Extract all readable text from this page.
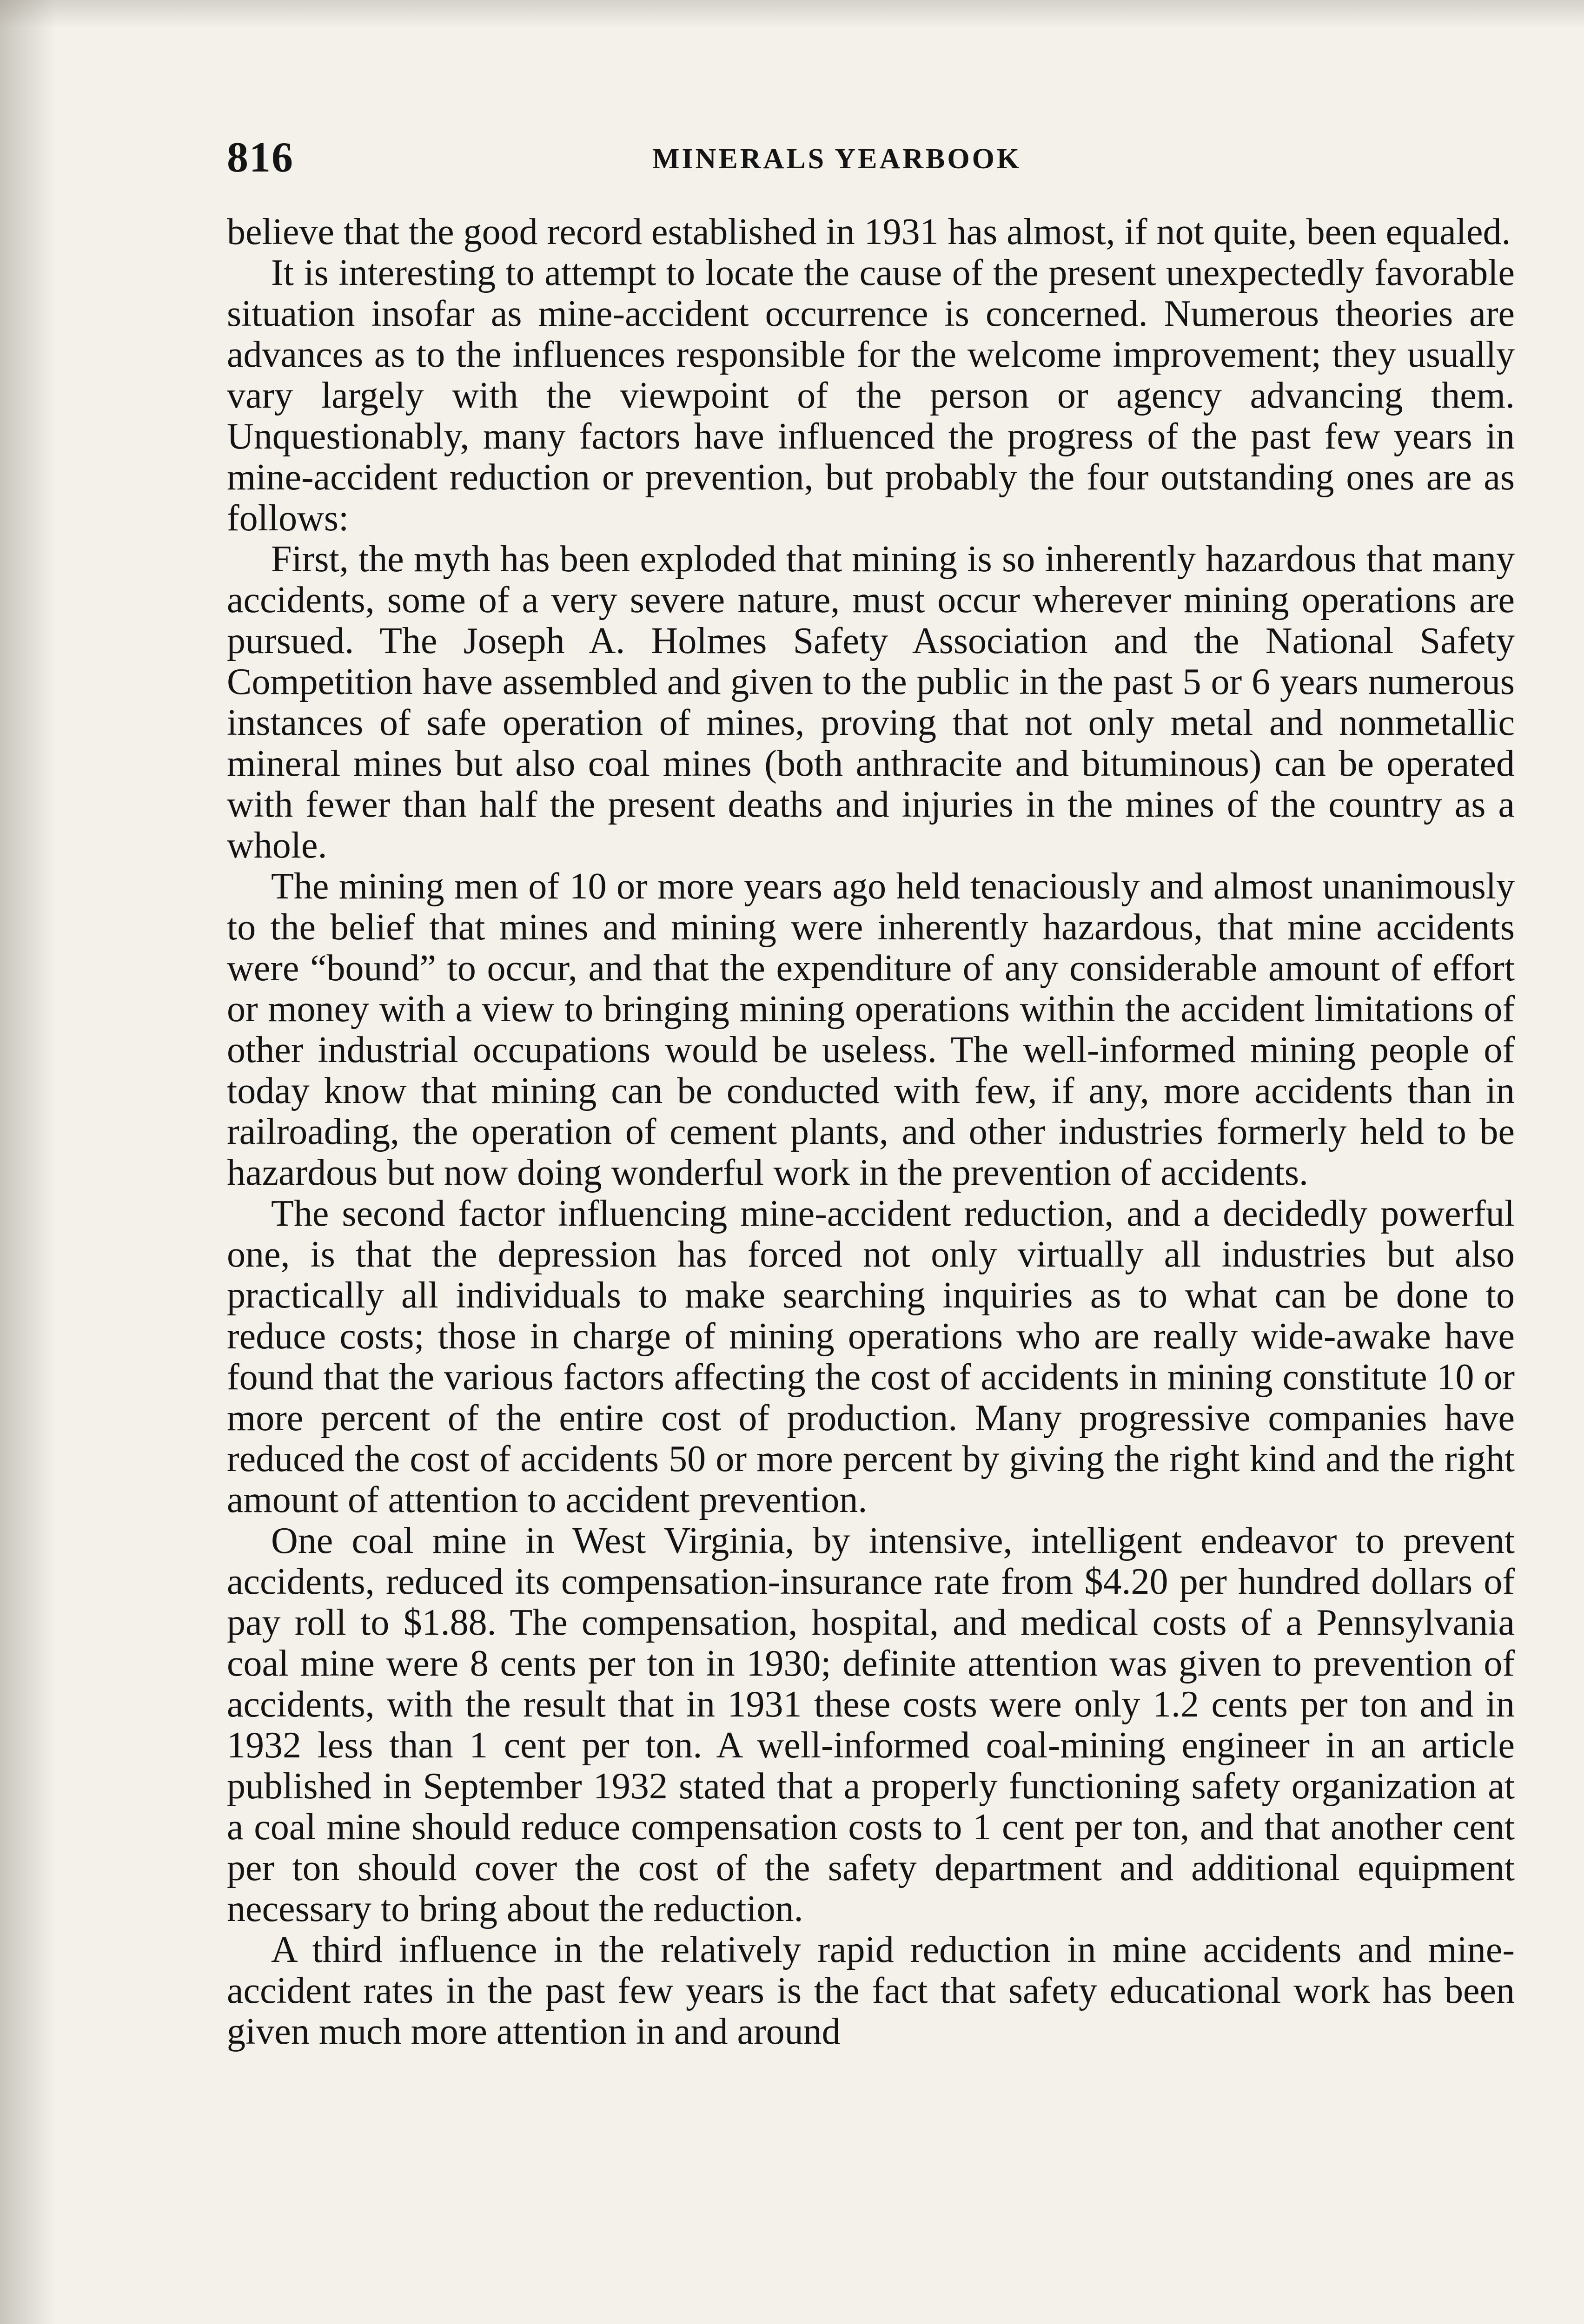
816	MINERALS YEARBOOK

believe that the good record established in 1931 has almost, if not quite, been equaled.

It is interesting to attempt to locate the cause of the present unexpectedly favorable situation insofar as mine-accident occurrence is concerned. Numerous theories are advances as to the influences responsible for the welcome improvement; they usually vary largely with the viewpoint of the person or agency advancing them. Unquestionably, many factors have influenced the progress of the past few years in mine-accident reduction or prevention, but probably the four outstanding ones are as follows:

First, the myth has been exploded that mining is so inherently hazardous that many accidents, some of a very severe nature, must occur wherever mining operations are pursued. The Joseph A. Holmes Safety Association and the National Safety Competition have assembled and given to the public in the past 5 or 6 years numerous instances of safe operation of mines, proving that not only metal and nonmetallic mineral mines but also coal mines (both anthracite and bituminous) can be operated with fewer than half the present deaths and injuries in the mines of the country as a whole.

The mining men of 10 or more years ago held tenaciously and almost unanimously to the belief that mines and mining were inherently hazardous, that mine accidents were “bound” to occur, and that the expenditure of any considerable amount of effort or money with a view to bringing mining operations within the accident limitations of other industrial occupations would be useless. The well-informed mining people of today know that mining can be conducted with few, if any, more accidents than in railroading, the operation of cement plants, and other industries formerly held to be hazardous but now doing wonderful work in the prevention of accidents.

The second factor influencing mine-accident reduction, and a decidedly powerful one, is that the depression has forced not only virtually all industries but also practically all individuals to make searching inquiries as to what can be done to reduce costs; those in charge of mining operations who are really wide-awake have found that the various factors affecting the cost of accidents in mining constitute 10 or more percent of the entire cost of production. Many progressive companies have reduced the cost of accidents 50 or more percent by giving the right kind and the right amount of attention to accident prevention.

One coal mine in West Virginia, by intensive, intelligent endeavor to prevent accidents, reduced its compensation-insurance rate from $4.20 per hundred dollars of pay roll to $1.88. The compensation, hospital, and medical costs of a Pennsylvania coal mine were 8 cents per ton in 1930; definite attention was given to prevention of accidents, with the result that in 1931 these costs were only 1.2 cents per ton and in 1932 less than 1 cent per ton. A well-informed coal-mining engineer in an article published in September 1932 stated that a properly functioning safety organization at a coal mine should reduce compensation costs to 1 cent per ton, and that another cent per ton should cover the cost of the safety department and additional equipment necessary to bring about the reduction.

A third influence in the relatively rapid reduction in mine accidents and mine-accident rates in the past few years is the fact that safety educational work has been given much more attention in and around
